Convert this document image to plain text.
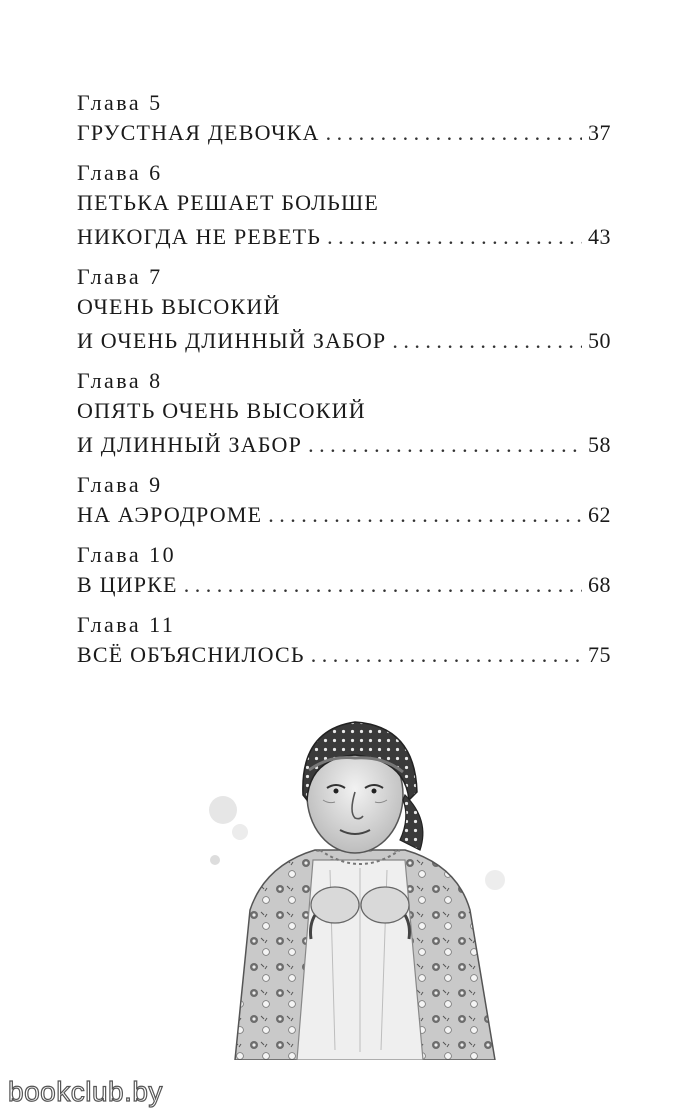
Глава 5
ГРУСТНАЯ ДЕВОЧКА . . .	37
Глава 6
ПЕТЬКА РЕШАЕТ БОЛЬШЕ
НИКОГДА НЕ РЕВЕТЬ . . .	43
Глава 7
ОЧЕНЬ ВЫСОКИЙ
И ОЧЕНЬ ДЛИННЫЙ ЗАБОР . . .	50
Глава 8
ОПЯТЬ ОЧЕНЬ ВЫСОКИЙ
И ДЛИННЫЙ ЗАБОР . . .	58
Глава 9
НА АЭРОДРОМЕ . . .	62
Глава 10
В ЦИРКЕ . . .	68
Глава 11
ВСЁ ОБЪЯСНИЛОСЬ . . .	75
bookclub.by
